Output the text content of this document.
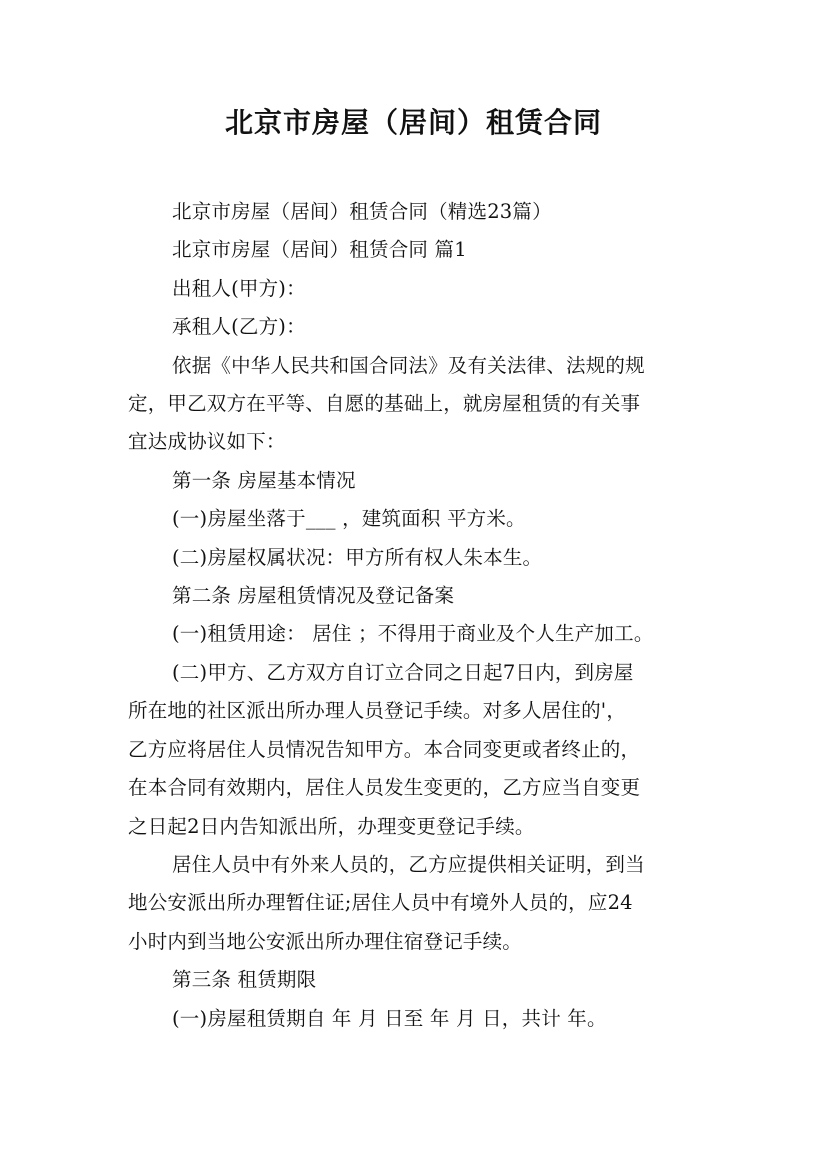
北京市房屋（居间）租赁合同

北京市房屋（居间）租赁合同（精选23篇）

北京市房屋（居间）租赁合同 篇1

出租人(甲方)：

承租人(乙方)：

依据《中华人民共和国合同法》及有关法律、法规的规

定，甲乙双方在平等、自愿的基础上，就房屋租赁的有关事

宜达成协议如下：

第一条 房屋基本情况

(一)房屋坐落于___ ，建筑面积 平方米。

(二)房屋权属状况：甲方所有权人朱本生。

第二条 房屋租赁情况及登记备案

(一)租赁用途： 居住 ；不得用于商业及个人生产加工。

(二)甲方、乙方双方自订立合同之日起7日内，到房屋

所在地的社区派出所办理人员登记手续。对多人居住的'，

乙方应将居住人员情况告知甲方。本合同变更或者终止的，

在本合同有效期内，居住人员发生变更的，乙方应当自变更

之日起2日内告知派出所，办理变更登记手续。

居住人员中有外来人员的，乙方应提供相关证明，到当

地公安派出所办理暂住证;居住人员中有境外人员的，应24

小时内到当地公安派出所办理住宿登记手续。

第三条 租赁期限

(一)房屋租赁期自 年 月 日至 年 月 日，共计 年。
